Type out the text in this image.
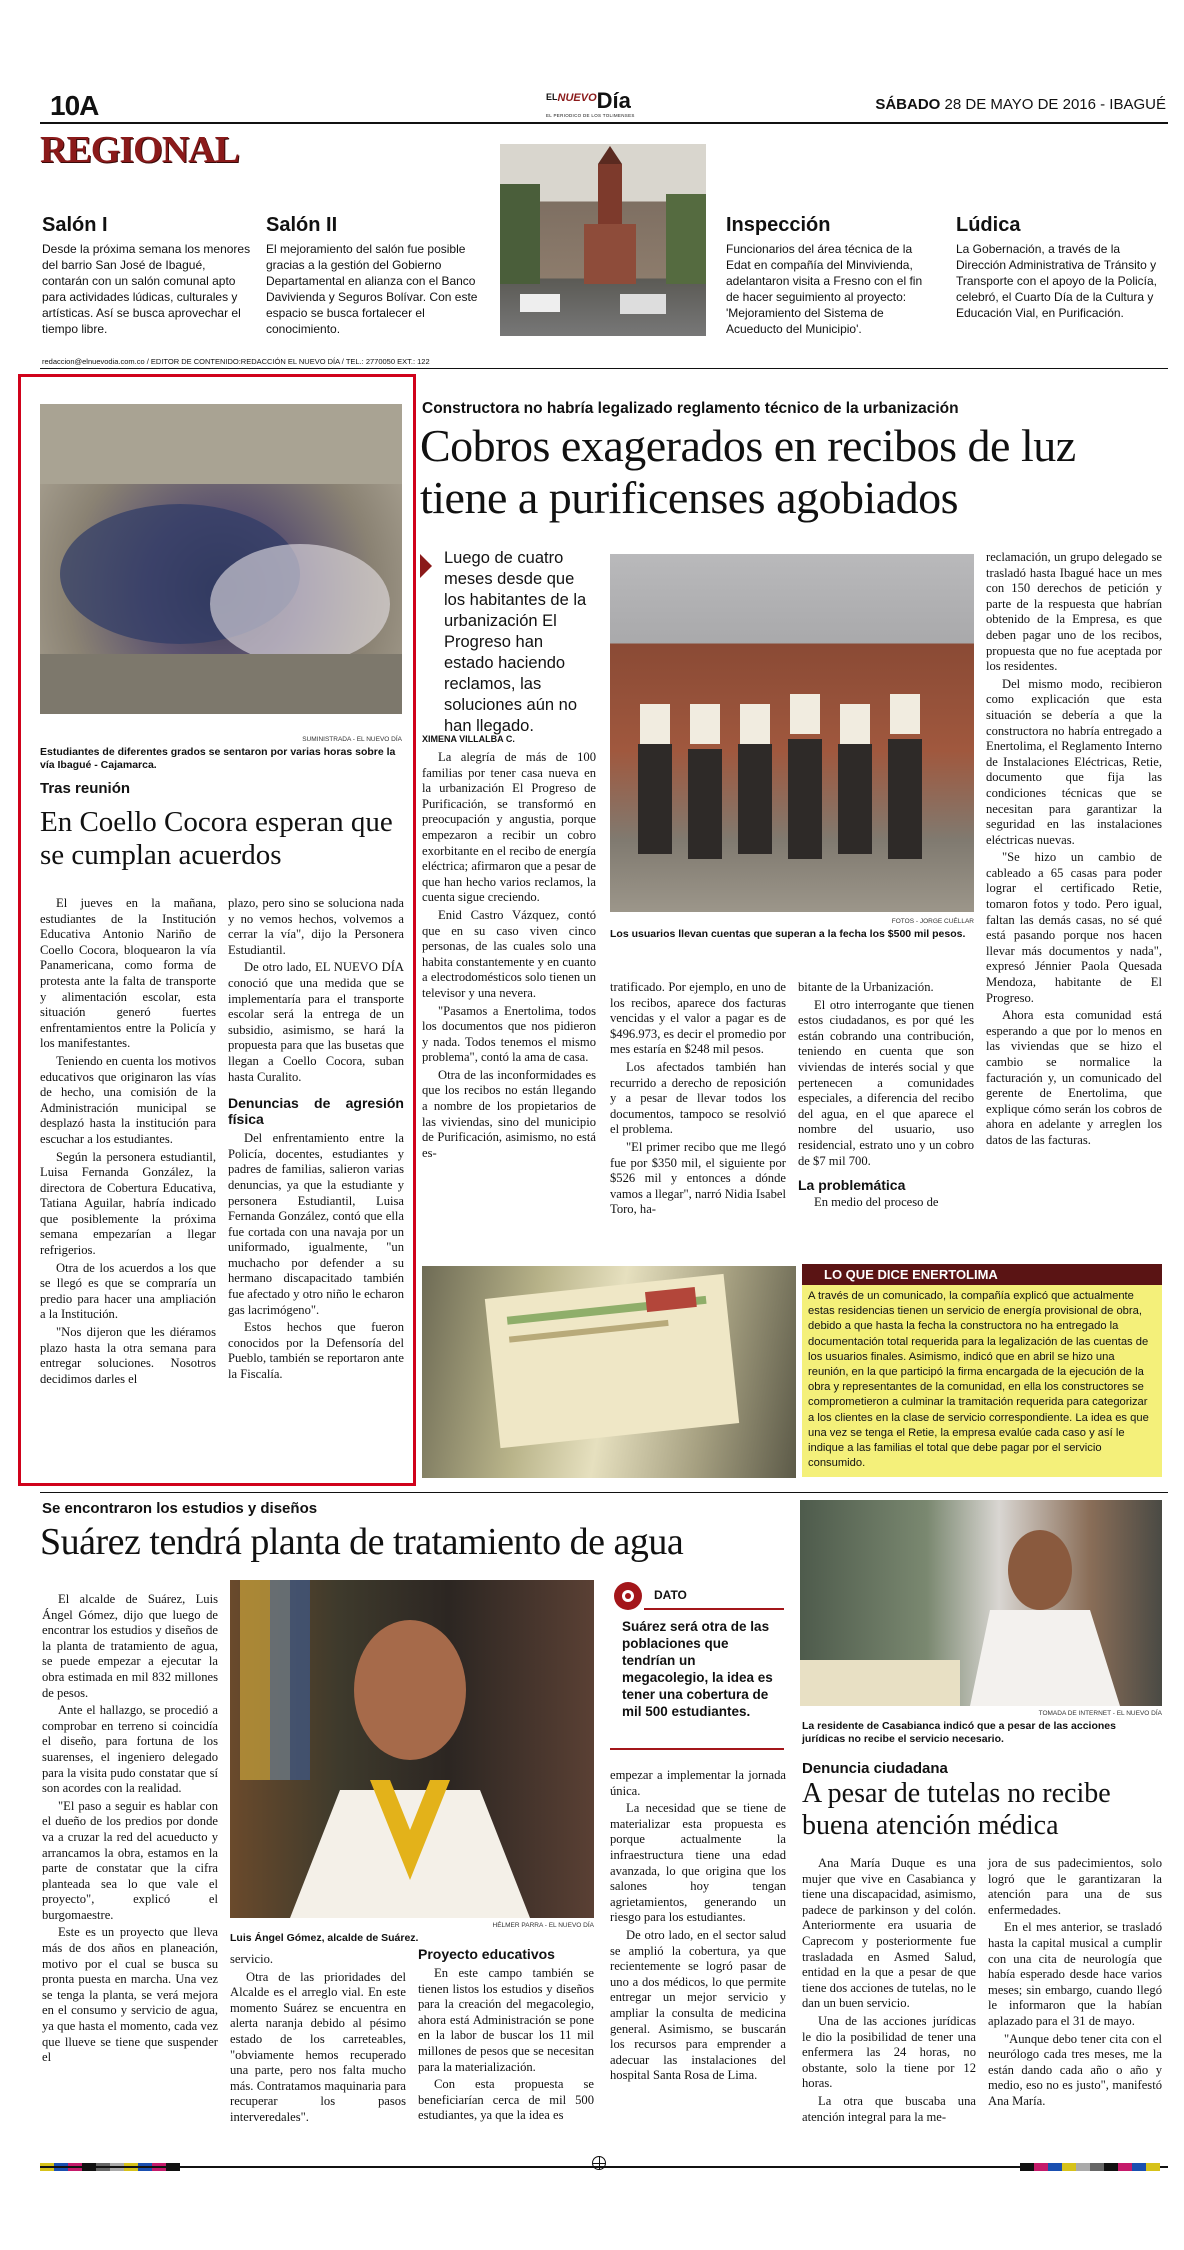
10A	$^{ELNUEVO}$Día
EL PERIODICO DE LOS TOLIMENSES
SÁBADO 28 DE MAYO DE 2016 - IBAGUÉ
REGIONAL
Salón I
Desde la próxima semana los menores del barrio San José de Ibagué, contarán con un salón comunal apto para actividades lúdicas, culturales y artísticas. Así se busca aprovechar el tiempo libre.
Salón II
El mejoramiento del salón fue posible gracias a la gestión del Gobierno Departamental en alianza con el Banco Davivienda y Seguros Bolívar. Con este espacio se busca fortalecer el conocimiento.
Inspección
Funcionarios del área técnica de la Edat en compañía del Minvivienda, adelantaron visita a Fresno con el fin de hacer seguimiento al proyecto: 'Mejoramiento del Sistema de Acueducto del Municipio'.
Lúdica
La Gobernación, a través de la Dirección Administrativa de Tránsito y Transporte con el apoyo de la Policía, celebró, el Cuarto Día de la Cultura y Educación Vial, en Purificación.
redaccion@elnuevodia.com.co / EDITOR DE CONTENIDO:REDACCIÓN EL NUEVO DÍA / TEL.: 2770050 EXT.: 122
SUMINISTRADA - EL NUEVO DÍA
Estudiantes de diferentes grados se sentaron por varias horas sobre la vía Ibagué - Cajamarca.
Tras reunión
En Coello Cocora esperan que se cumplan acuerdos

El jueves en la mañana, estudiantes de la Institución Educativa Antonio Nariño de Coello Cocora, bloquearon la vía Panamericana, como forma de protesta ante la falta de transporte y alimentación escolar, esta situación generó fuertes enfrentamientos entre la Policía y los manifestantes.

Teniendo en cuenta los motivos educativos que originaron las vías de hecho, una comisión de la Administración municipal se desplazó hasta la institución para escuchar a los estudiantes.

Según la personera estudiantil, Luisa Fernanda González, la directora de Cobertura Educativa, Tatiana Aguilar, habría indicado que posiblemente la próxima semana empezarían a llegar refrigerios.

Otra de los acuerdos a los que se llegó es que se compraría un predio para hacer una ampliación a la Institución.

"Nos dijeron que les diéramos plazo hasta la otra semana para entregar soluciones. Nosotros decidimos darles el

plazo, pero sino se soluciona nada y no vemos hechos, volvemos a cerrar la vía", dijo la Personera Estudiantil.

De otro lado, EL NUEVO DÍA conoció que una medida que se implementaría para el transporte escolar será la entrega de un subsidio, asimismo, se hará la propuesta para que las busetas que llegan a Coello Cocora, suban hasta Curalito.

Denuncias de agresión física

Del enfrentamiento entre la Policía, docentes, estudiantes y padres de familias, salieron varias denuncias, ya que la estudiante y personera Estudiantil, Luisa Fernanda González, contó que ella fue cortada con una navaja por un uniformado, igualmente, "un muchacho por defender a su hermano discapacitado también fue afectado y otro niño le echaron gas lacrimógeno".

Estos hechos que fueron conocidos por la Defensoría del Pueblo, también se reportaron ante la Fiscalía.

Constructora no habría legalizado reglamento técnico de la urbanización
Cobros exagerados en recibos de luz tiene a purificenses agobiados
Luego de cuatro meses desde que los habitantes de la urbanización El Progreso han estado haciendo reclamos, las soluciones aún no han llegado.
XIMENA VILLALBA C.

La alegría de más de 100 familias por tener casa nueva en la urbanización El Progreso de Purificación, se transformó en preocupación y angustia, porque empezaron a recibir un cobro exorbitante en el recibo de energía eléctrica; afirmaron que a pesar de que han hecho varios reclamos, la cuenta sigue creciendo.

Enid Castro Vázquez, contó que en su caso viven cinco personas, de las cuales solo una habita constantemente y en cuanto a electrodomésticos solo tienen un televisor y una nevera.

"Pasamos a Enertolima, todos los documentos que nos pidieron y nada. Todos tenemos el mismo problema", contó la ama de casa.

Otra de las inconformidades es que los recibos no están llegando a nombre de los propietarios de las viviendas, sino del municipio de Purificación, asimismo, no está es-

FOTOS - JORGE CUÉLLAR
Los usuarios llevan cuentas que superan a la fecha los $500 mil pesos.

tratificado. Por ejemplo, en uno de los recibos, aparece dos facturas vencidas y el valor a pagar es de $496.973, es decir el promedio por mes estaría en $248 mil pesos.

Los afectados también han recurrido a derecho de reposición y a pesar de llevar todos los documentos, tampoco se resolvió el problema.

"El primer recibo que me llegó fue por $350 mil, el siguiente por $526 mil y entonces a dónde vamos a llegar", narró Nidia Isabel Toro, ha-

bitante de la Urbanización.

El otro interrogante que tienen estos ciudadanos, es por qué les están cobrando una contribución, teniendo en cuenta que son viviendas de interés social y que pertenecen a comunidades especiales, a diferencia del recibo del agua, en el que aparece el nombre del usuario, uso residencial, estrato uno y un cobro de $7 mil 700.

La problemática

En medio del proceso de

reclamación, un grupo delegado se trasladó hasta Ibagué hace un mes con 150 derechos de petición y parte de la respuesta que habrían obtenido de la Empresa, es que deben pagar uno de los recibos, propuesta que no fue aceptada por los residentes.

Del mismo modo, recibieron como explicación que esta situación se debería a que la constructora no habría entregado a Enertolima, el Reglamento Interno de Instalaciones Eléctricas, Retie, documento que fija las condiciones técnicas que se necesitan para garantizar la seguridad en las instalaciones eléctricas nuevas.

"Se hizo un cambio de cableado a 65 casas para poder lograr el certificado Retie, tomaron fotos y todo. Pero igual, faltan las demás casas, no sé qué está pasando porque nos hacen llevar más documentos y nada", expresó Jénnier Paola Quesada Mendoza, habitante de El Progreso.

Ahora esta comunidad está esperando a que por lo menos en las viviendas que se hizo el cambio se normalice la facturación y, un comunicado del gerente de Enertolima, que explique cómo serán los cobros de ahora en adelante y arreglen los datos de las facturas.

LO QUE DICE ENERTOLIMA
A través de un comunicado, la compañía explicó que actualmente estas residencias tienen un servicio de energía provisional de obra, debido a que hasta la fecha la constructora no ha entregado la documentación total requerida para la legalización de las cuentas de los usuarios finales. Asimismo, indicó que en abril se hizo una reunión, en la que participó la firma encargada de la ejecución de la obra y representantes de la comunidad, en ella los constructores se comprometieron a culminar la tramitación requerida para categorizar a los clientes en la clase de servicio correspondiente. La idea es que una vez se tenga el Retie, la empresa evalúe cada caso y así le indique a las familias el total que debe pagar por el servicio consumido.
Se encontraron los estudios y diseños
Suárez tendrá planta de tratamiento de agua

El alcalde de Suárez, Luis Ángel Gómez, dijo que luego de encontrar los estudios y diseños de la planta de tratamiento de agua, se puede empezar a ejecutar la obra estimada en mil 832 millones de pesos.

Ante el hallazgo, se procedió a comprobar en terreno si coincidía el diseño, para fortuna de los suarenses, el ingeniero delegado para la visita pudo constatar que sí son acordes con la realidad.

"El paso a seguir es hablar con el dueño de los predios por donde va a cruzar la red del acueducto y arrancamos la obra, estamos en la parte de constatar que la cifra planteada sea lo que vale el proyecto", explicó el burgomaestre.

Este es un proyecto que lleva más de dos años en planeación, motivo por el cual se busca su pronta puesta en marcha. Una vez se tenga la planta, se verá mejora en el consumo y servicio de agua, ya que hasta el momento, cada vez que llueve se tiene que suspender el

HÉLMER PARRA - EL NUEVO DÍA
Luis Ángel Gómez, alcalde de Suárez.

servicio.

Otra de las prioridades del Alcalde es el arreglo vial. En este momento Suárez se encuentra en alerta naranja debido al pésimo estado de los carreteables, "obviamente hemos recuperado una parte, pero nos falta mucho más. Contratamos maquinaria para recuperar los pasos interveredales".

Proyecto educativos

En este campo también se tienen listos los estudios y diseños para la creación del megacolegio, ahora está Administración se pone en la labor de buscar los 11 mil millones de pesos que se necesitan para la materialización.

Con esta propuesta se beneficiarían cerca de mil 500 estudiantes, ya que la idea es

DATO
Suárez será otra de las poblaciones que tendrían un megacolegio, la idea es tener una cobertura de mil 500 estudiantes.

empezar a implementar la jornada única.

La necesidad que se tiene de materializar esta propuesta es porque actualmente la infraestructura tiene una edad avanzada, lo que origina que los salones hoy tengan agrietamientos, generando un riesgo para los estudiantes.

De otro lado, en el sector salud se amplió la cobertura, ya que recientemente se logró pasar de uno a dos médicos, lo que permite entregar un mejor servicio y ampliar la consulta de medicina general. Asimismo, se buscarán los recursos para emprender a adecuar las instalaciones del hospital Santa Rosa de Lima.

TOMADA DE INTERNET - EL NUEVO DÍA
La residente de Casabianca indicó que a pesar de las acciones jurídicas no recibe el servicio necesario.
Denuncia ciudadana
A pesar de tutelas no recibe buena atención médica

Ana María Duque es una mujer que vive en Casabianca y tiene una discapacidad, asimismo, padece de parkinson y del colón. Anteriormente era usuaria de Caprecom y posteriormente fue trasladada en Asmed Salud, entidad en la que a pesar de que tiene dos acciones de tutelas, no le dan un buen servicio.

Una de las acciones jurídicas le dio la posibilidad de tener una enfermera las 24 horas, no obstante, solo la tiene por 12 horas.

La otra que buscaba una atención integral para la me-

jora de sus padecimientos, solo logró que le garantizaran la atención para una de sus enfermedades.

En el mes anterior, se trasladó hasta la capital musical a cumplir con una cita de neurología que había esperado desde hace varios meses; sin embargo, cuando llegó le informaron que la habían aplazado para el 31 de mayo.

"Aunque debo tener cita con el neurólogo cada tres meses, me la están dando cada año o año y medio, eso no es justo", manifestó Ana María.
